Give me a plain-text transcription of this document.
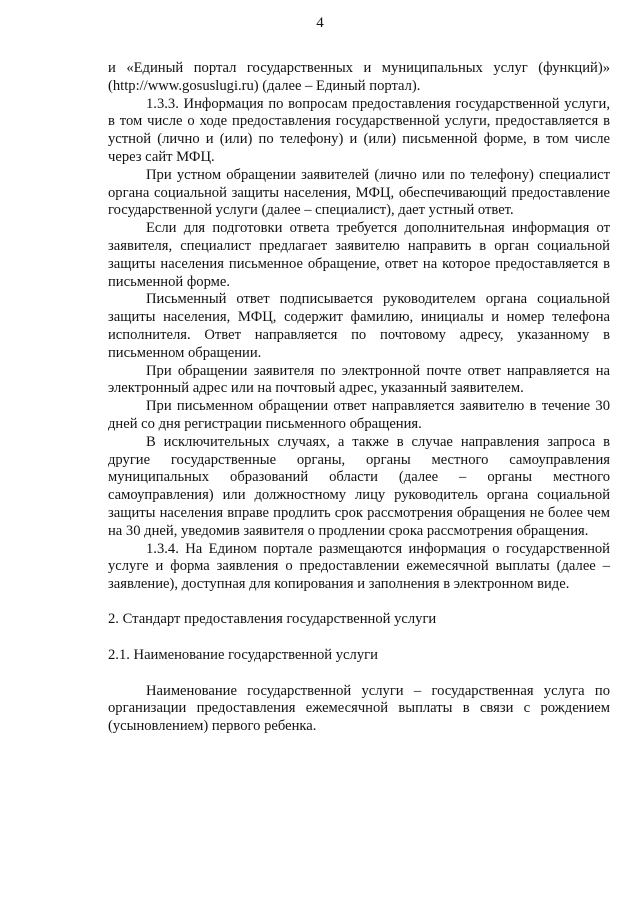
4

и «Единый портал государственных и муниципальных услуг (функций)» (http://www.gosuslugi.ru) (далее – Единый портал).

1.3.3. Информация по вопросам предоставления государственной услуги, в том числе о ходе предоставления государственной услуги, предоставляется в устной (лично и (или) по телефону) и (или) письменной форме, в том числе через сайт МФЦ.

При устном обращении заявителей (лично или по телефону) специалист органа социальной защиты населения, МФЦ, обеспечивающий предоставление государственной услуги (далее – специалист), дает устный ответ.

Если для подготовки ответа требуется дополнительная информация от заявителя, специалист предлагает заявителю направить в орган социальной защиты населения письменное обращение, ответ на которое предоставляется в письменной форме.

Письменный ответ подписывается руководителем органа социальной защиты населения, МФЦ, содержит фамилию, инициалы и номер телефона исполнителя. Ответ направляется по почтовому адресу, указанному в письменном обращении.

При обращении заявителя по электронной почте ответ направляется на электронный адрес или на почтовый адрес, указанный заявителем.

При письменном обращении ответ направляется заявителю в течение 30 дней со дня регистрации письменного обращения.

В исключительных случаях, а также в случае направления запроса в другие государственные органы, органы местного самоуправления муниципальных образований области (далее – органы местного самоуправления) или должностному лицу руководитель органа социальной защиты населения вправе продлить срок рассмотрения обращения не более чем на 30 дней, уведомив заявителя о продлении срока рассмотрения обращения.

1.3.4. На Едином портале размещаются информация о государственной услуге и форма заявления о предоставлении ежемесячной выплаты (далее – заявление), доступная для копирования и заполнения в электронном виде.

2. Стандарт предоставления государственной услуги

2.1. Наименование государственной услуги

Наименование государственной услуги – государственная услуга по организации предоставления ежемесячной выплаты в связи с рождением (усыновлением) первого ребенка.
